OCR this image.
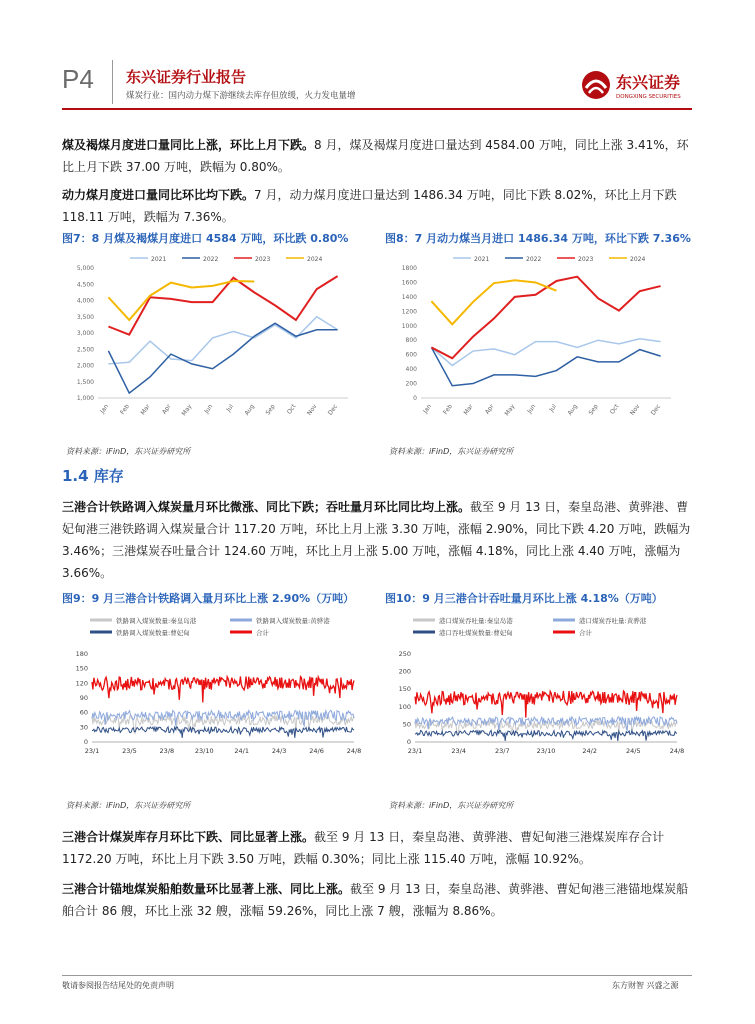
P4 东兴证券行业报告
煤炭行业：国内动力煤下游继续去库存但放缓，火力发电量增
东兴证券
DONGXING SECURITIES
煤及褐煤月度进口量同比上涨，环比上月下跌。8 月，煤及褐煤月度进口量达到 4584.00 万吨，同比上涨 3.41%，环比上月下跌 37.00 万吨，跌幅为 0.80%。
动力煤月度进口量同比环比均下跌。7 月，动力煤月度进口量达到 1486.34 万吨，同比下跌 8.02%，环比上月下跌 118.11 万吨，跌幅为 7.36%。
图7：8 月煤及褐煤月度进口 4584 万吨，环比跌 0.80%	图8：7 月动力煤当月进口 1486.34 万吨，环比下跌 7.36%
2021	2022	2023	2024
1,000
1,500
2,000
2,500
3,000
3,500
4,000
4,500
5,000
Jan Feb Mar Apr May Jun Jul Aug Sep Oct Nov Dec
2021	2022	2023	2024
0
200
400
600
800
1000
1200
1400
1600
1800
Jan Feb Mar Apr May Jun Jul Aug Sep Oct Nov Dec
资料来源：iFinD，东兴证券研究所	资料来源：iFinD，东兴证券研究所
1.4 库存
三港合计铁路调入煤炭量月环比微涨、同比下跌；吞吐量月环比同比均上涨。截至 9 月 13 日，秦皇岛港、黄骅港、曹妃甸港三港铁路调入煤炭量合计 117.20 万吨，环比上月上涨 3.30 万吨，涨幅 2.90%，同比下跌 4.20 万吨，跌幅为 3.46%；三港煤炭吞吐量合计 124.60 万吨，环比上月上涨 5.00 万吨，涨幅 4.18%，同比上涨 4.40 万吨，涨幅为 3.66%。
图9：9 月三港合计铁路调入量月环比上涨 2.90%（万吨）	图10：9 月三港合计吞吐量月环比上涨 4.18%（万吨）
铁路调入煤炭数量:秦皇岛港	铁路调入煤炭数量:黄骅港
铁路调入煤炭数量:曹妃甸	合计
0
30
60
90
120
150
180
23/1	23/5	23/8	23/10	24/1	24/3	24/6	24/8
港口煤炭吞吐量:秦皇岛港	港口煤炭吞吐量:黄骅港
港口吞吐煤炭数量:曹妃甸	合计
0
50
100
150
200
250
23/1	23/4	23/7	23/10	24/2	24/5	24/8
资料来源：iFinD，东兴证券研究所	资料来源：iFinD，东兴证券研究所
三港合计煤炭库存月环比下跌、同比显著上涨。截至 9 月 13 日，秦皇岛港、黄骅港、曹妃甸港三港煤炭库存合计 1172.20 万吨，环比上月下跌 3.50 万吨，跌幅 0.30%；同比上涨 115.40 万吨，涨幅 10.92%。
三港合计锚地煤炭船舶数量环比显著上涨、同比上涨。截至 9 月 13 日，秦皇岛港、黄骅港、曹妃甸港三港锚地煤炭船舶合计 86 艘，环比上涨 32 艘，涨幅 59.26%，同比上涨 7 艘，涨幅为 8.86%。
敬请参阅报告结尾处的免责声明	东方财智 兴盛之源
